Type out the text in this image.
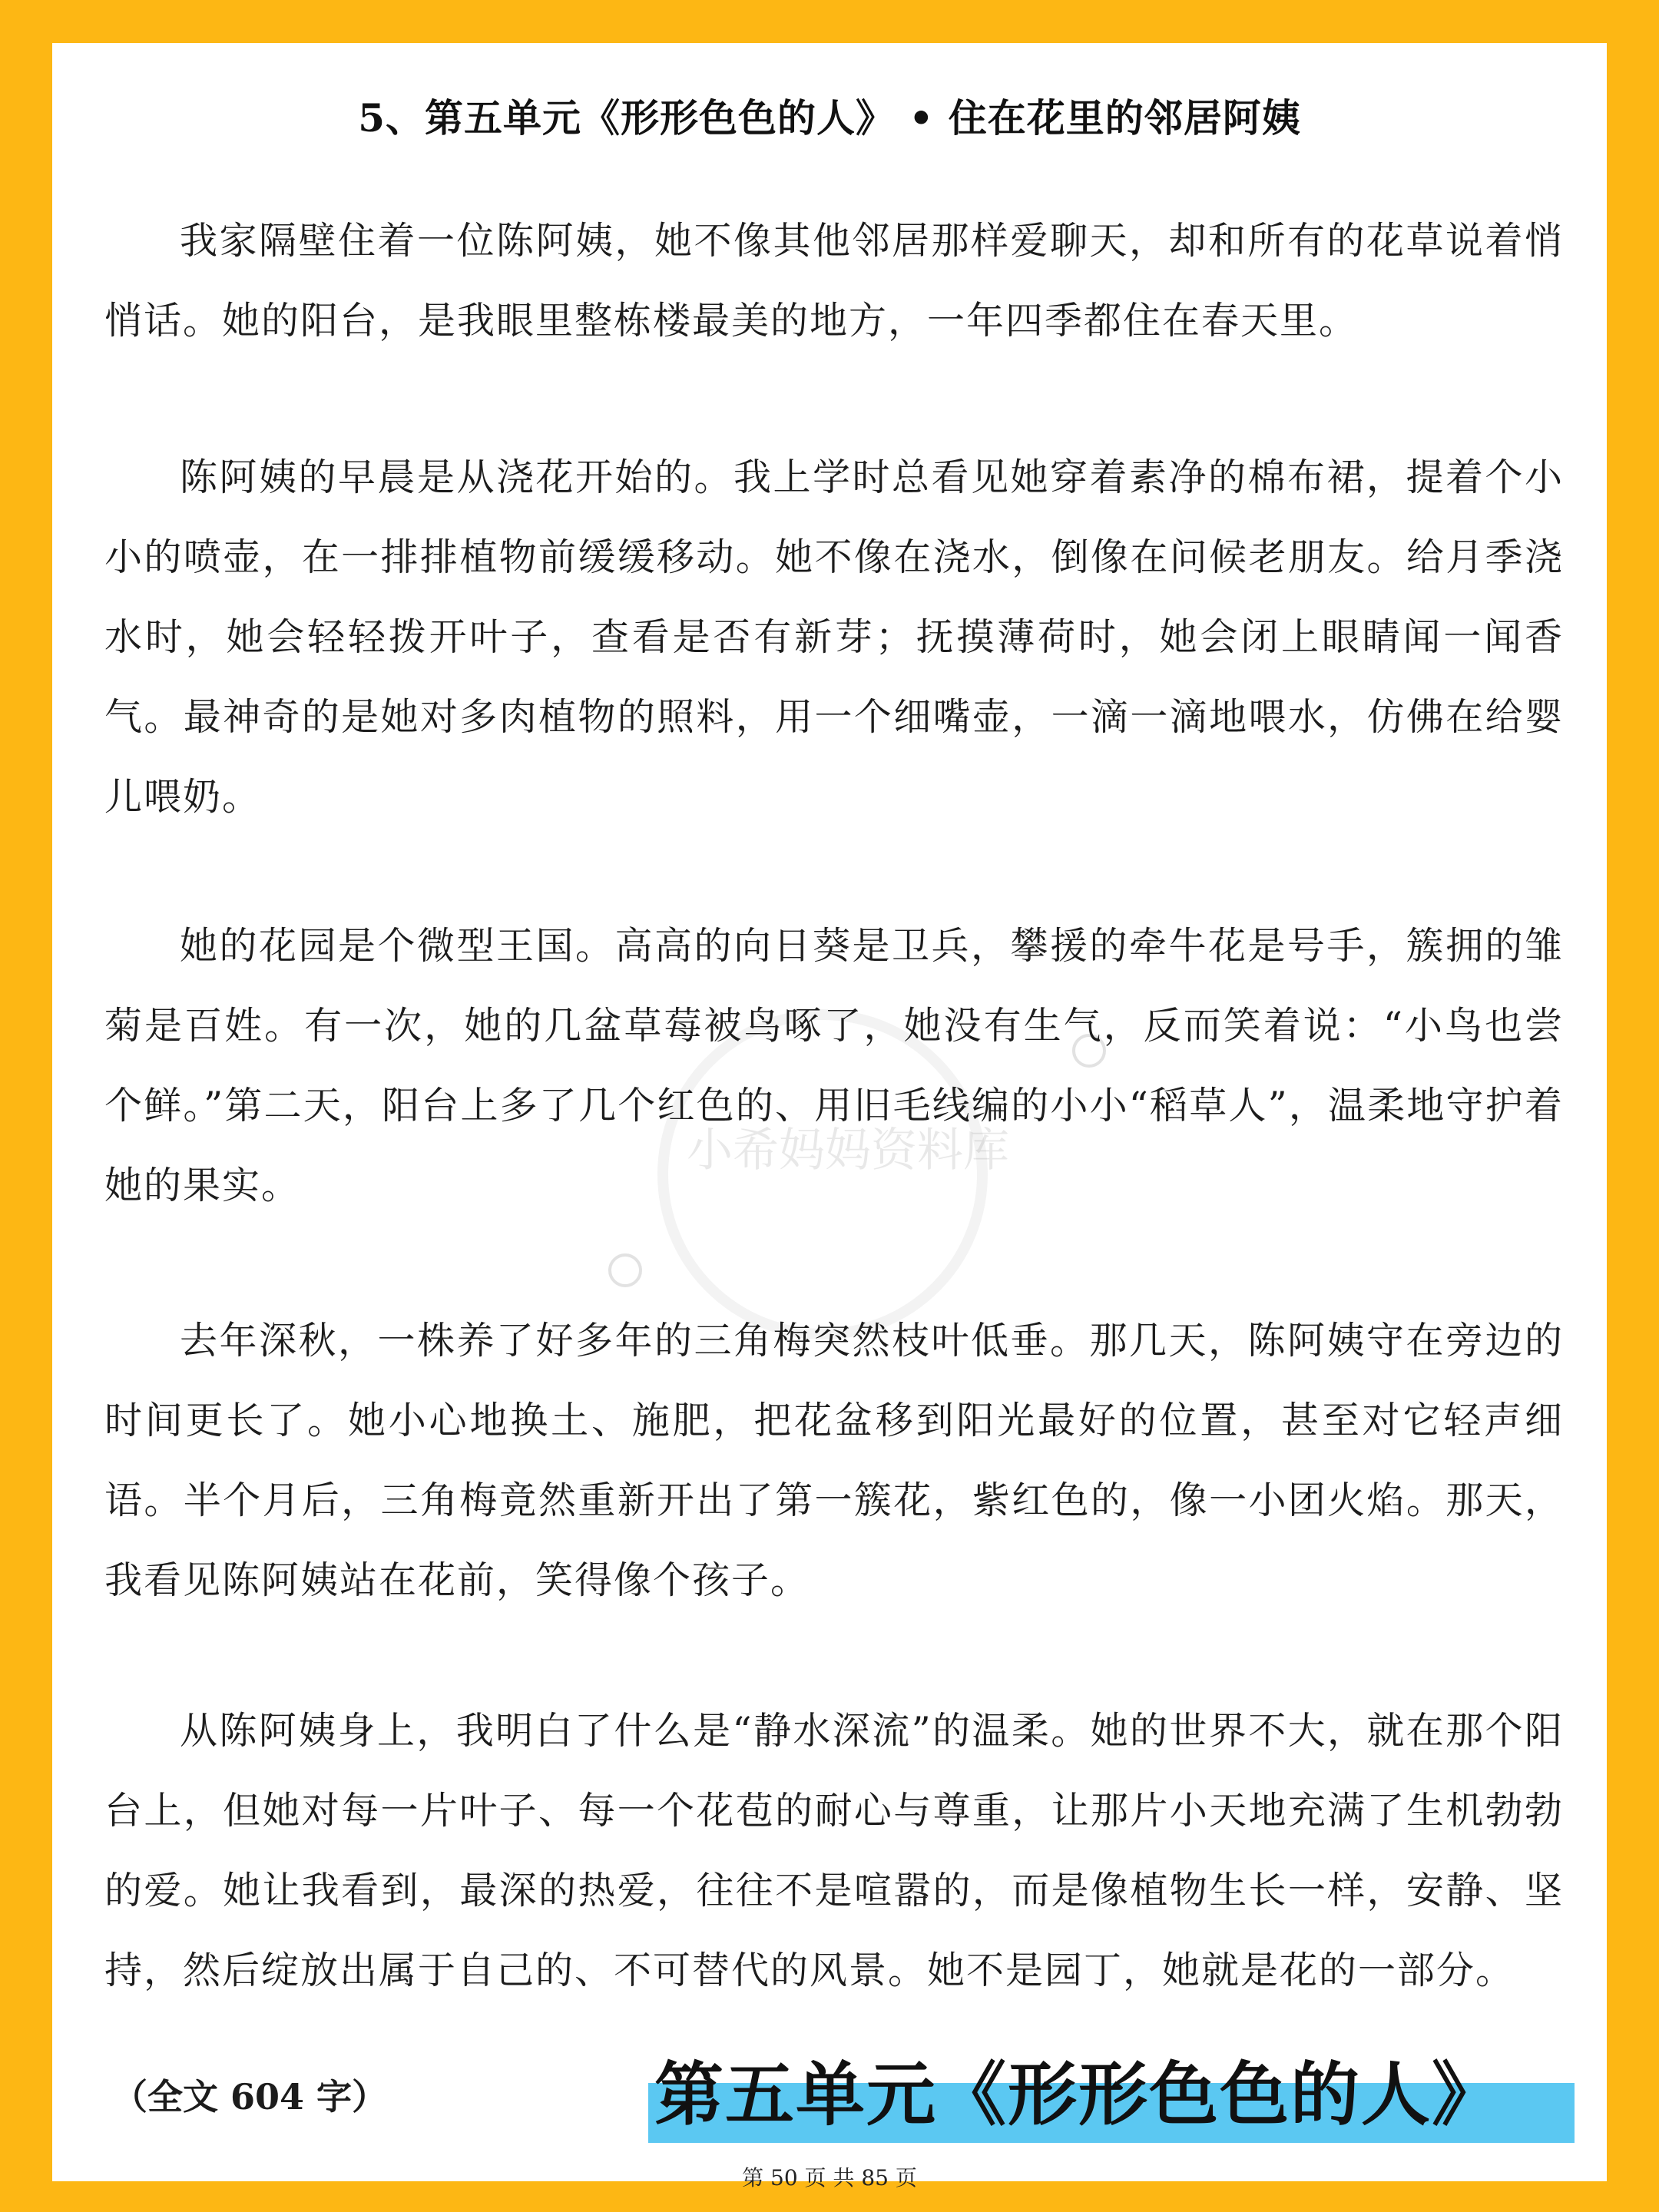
小希妈妈资料库
5、第五单元《形形色色的人》 • 住在花里的邻居阿姨

我家隔壁住着一位陈阿姨，她不像其他邻居那样爱聊天，却和所有的花草说着悄悄话。她的阳台，是我眼里整栋楼最美的地方，一年四季都住在春天里。

陈阿姨的早晨是从浇花开始的。我上学时总看见她穿着素净的棉布裙，提着个小小的喷壶，在一排排植物前缓缓移动。她不像在浇水，倒像在问候老朋友。给月季浇水时，她会轻轻拨开叶子，查看是否有新芽；抚摸薄荷时，她会闭上眼睛闻一闻香气。最神奇的是她对多肉植物的照料，用一个细嘴壶，一滴一滴地喂水，仿佛在给婴儿喂奶。

她的花园是个微型王国。高高的向日葵是卫兵，攀援的牵牛花是号手，簇拥的雏菊是百姓。有一次，她的几盆草莓被鸟啄了，她没有生气，反而笑着说：“小鸟也尝个鲜。”第二天，阳台上多了几个红色的、用旧毛线编的小小“稻草人”，温柔地守护着她的果实。

去年深秋，一株养了好多年的三角梅突然枝叶低垂。那几天，陈阿姨守在旁边的时间更长了。她小心地换土、施肥，把花盆移到阳光最好的位置，甚至对它轻声细语。半个月后，三角梅竟然重新开出了第一簇花，紫红色的，像一小团火焰。那天，我看见陈阿姨站在花前，笑得像个孩子。

从陈阿姨身上，我明白了什么是“静水深流”的温柔。她的世界不大，就在那个阳台上，但她对每一片叶子、每一个花苞的耐心与尊重，让那片小天地充满了生机勃勃的爱。她让我看到，最深的热爱，往往不是喧嚣的，而是像植物生长一样，安静、坚持，然后绽放出属于自己的、不可替代的风景。她不是园丁，她就是花的一部分。

（全文 604 字）	第五单元《形形色色的人》
第 50 页 共 85 页
